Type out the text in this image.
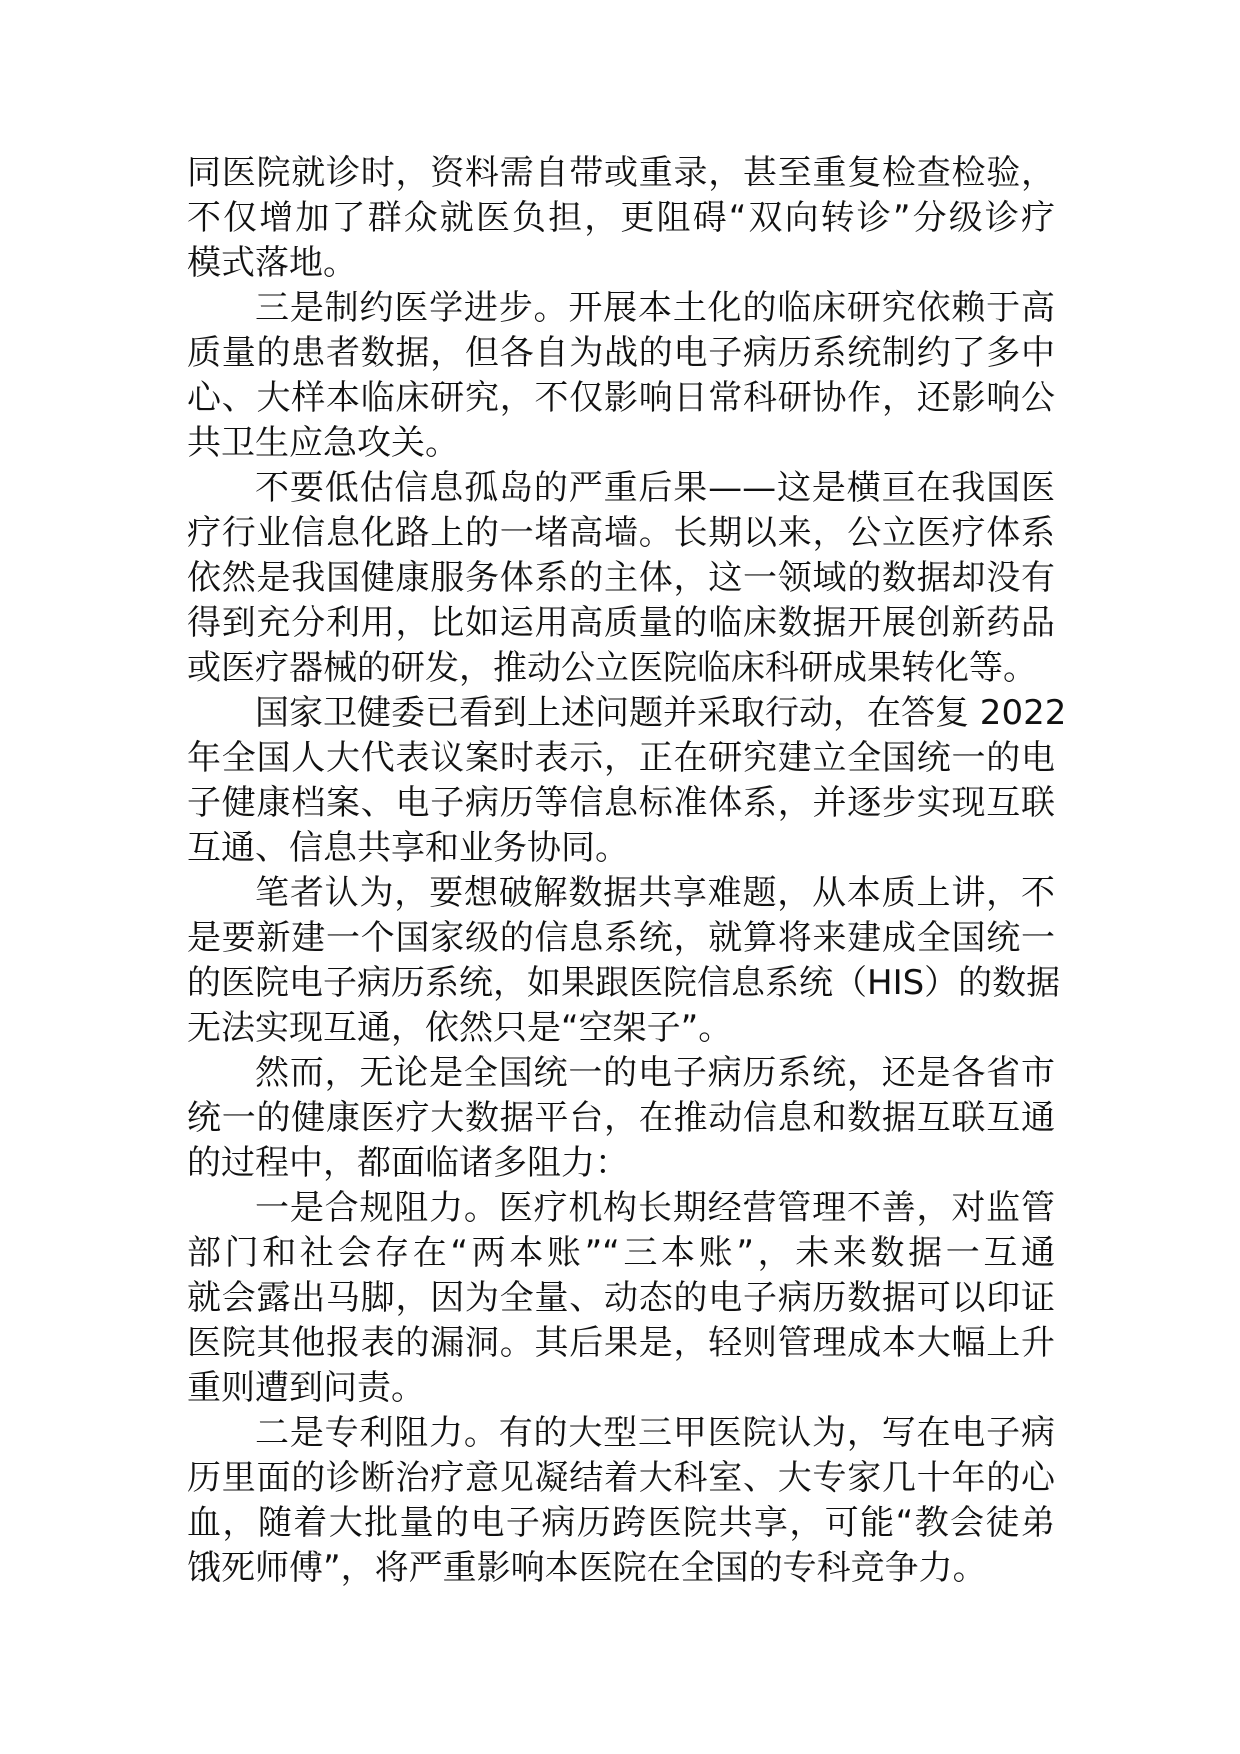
同医院就诊时，资料需自带或重录，甚至重复检查检验，
不仅增加了群众就医负担，更阻碍“双向转诊”分级诊疗
模式落地。
三是制约医学进步。开展本土化的临床研究依赖于高
质量的患者数据，但各自为战的电子病历系统制约了多中
心、大样本临床研究，不仅影响日常科研协作，还影响公
共卫生应急攻关。
不要低估信息孤岛的严重后果——这是横亘在我国医
疗行业信息化路上的一堵高墙。长期以来，公立医疗体系
依然是我国健康服务体系的主体，这一领域的数据却没有
得到充分利用，比如运用高质量的临床数据开展创新药品
或医疗器械的研发，推动公立医院临床科研成果转化等。
国家卫健委已看到上述问题并采取行动，在答复 2022
年全国人大代表议案时表示，正在研究建立全国统一的电
子健康档案、电子病历等信息标准体系，并逐步实现互联
互通、信息共享和业务协同。
笔者认为，要想破解数据共享难题，从本质上讲，不
是要新建一个国家级的信息系统，就算将来建成全国统一
的医院电子病历系统，如果跟医院信息系统（HIS）的数据
无法实现互通，依然只是“空架子”。
然而，无论是全国统一的电子病历系统，还是各省市
统一的健康医疗大数据平台，在推动信息和数据互联互通
的过程中，都面临诸多阻力：
一是合规阻力。医疗机构长期经营管理不善，对监管
部门和社会存在“两本账”“三本账”，未来数据一互通
就会露出马脚，因为全量、动态的电子病历数据可以印证
医院其他报表的漏洞。其后果是，轻则管理成本大幅上升
重则遭到问责。
二是专利阻力。有的大型三甲医院认为，写在电子病
历里面的诊断治疗意见凝结着大科室、大专家几十年的心
血，随着大批量的电子病历跨医院共享，可能“教会徒弟
饿死师傅”，将严重影响本医院在全国的专科竞争力。
